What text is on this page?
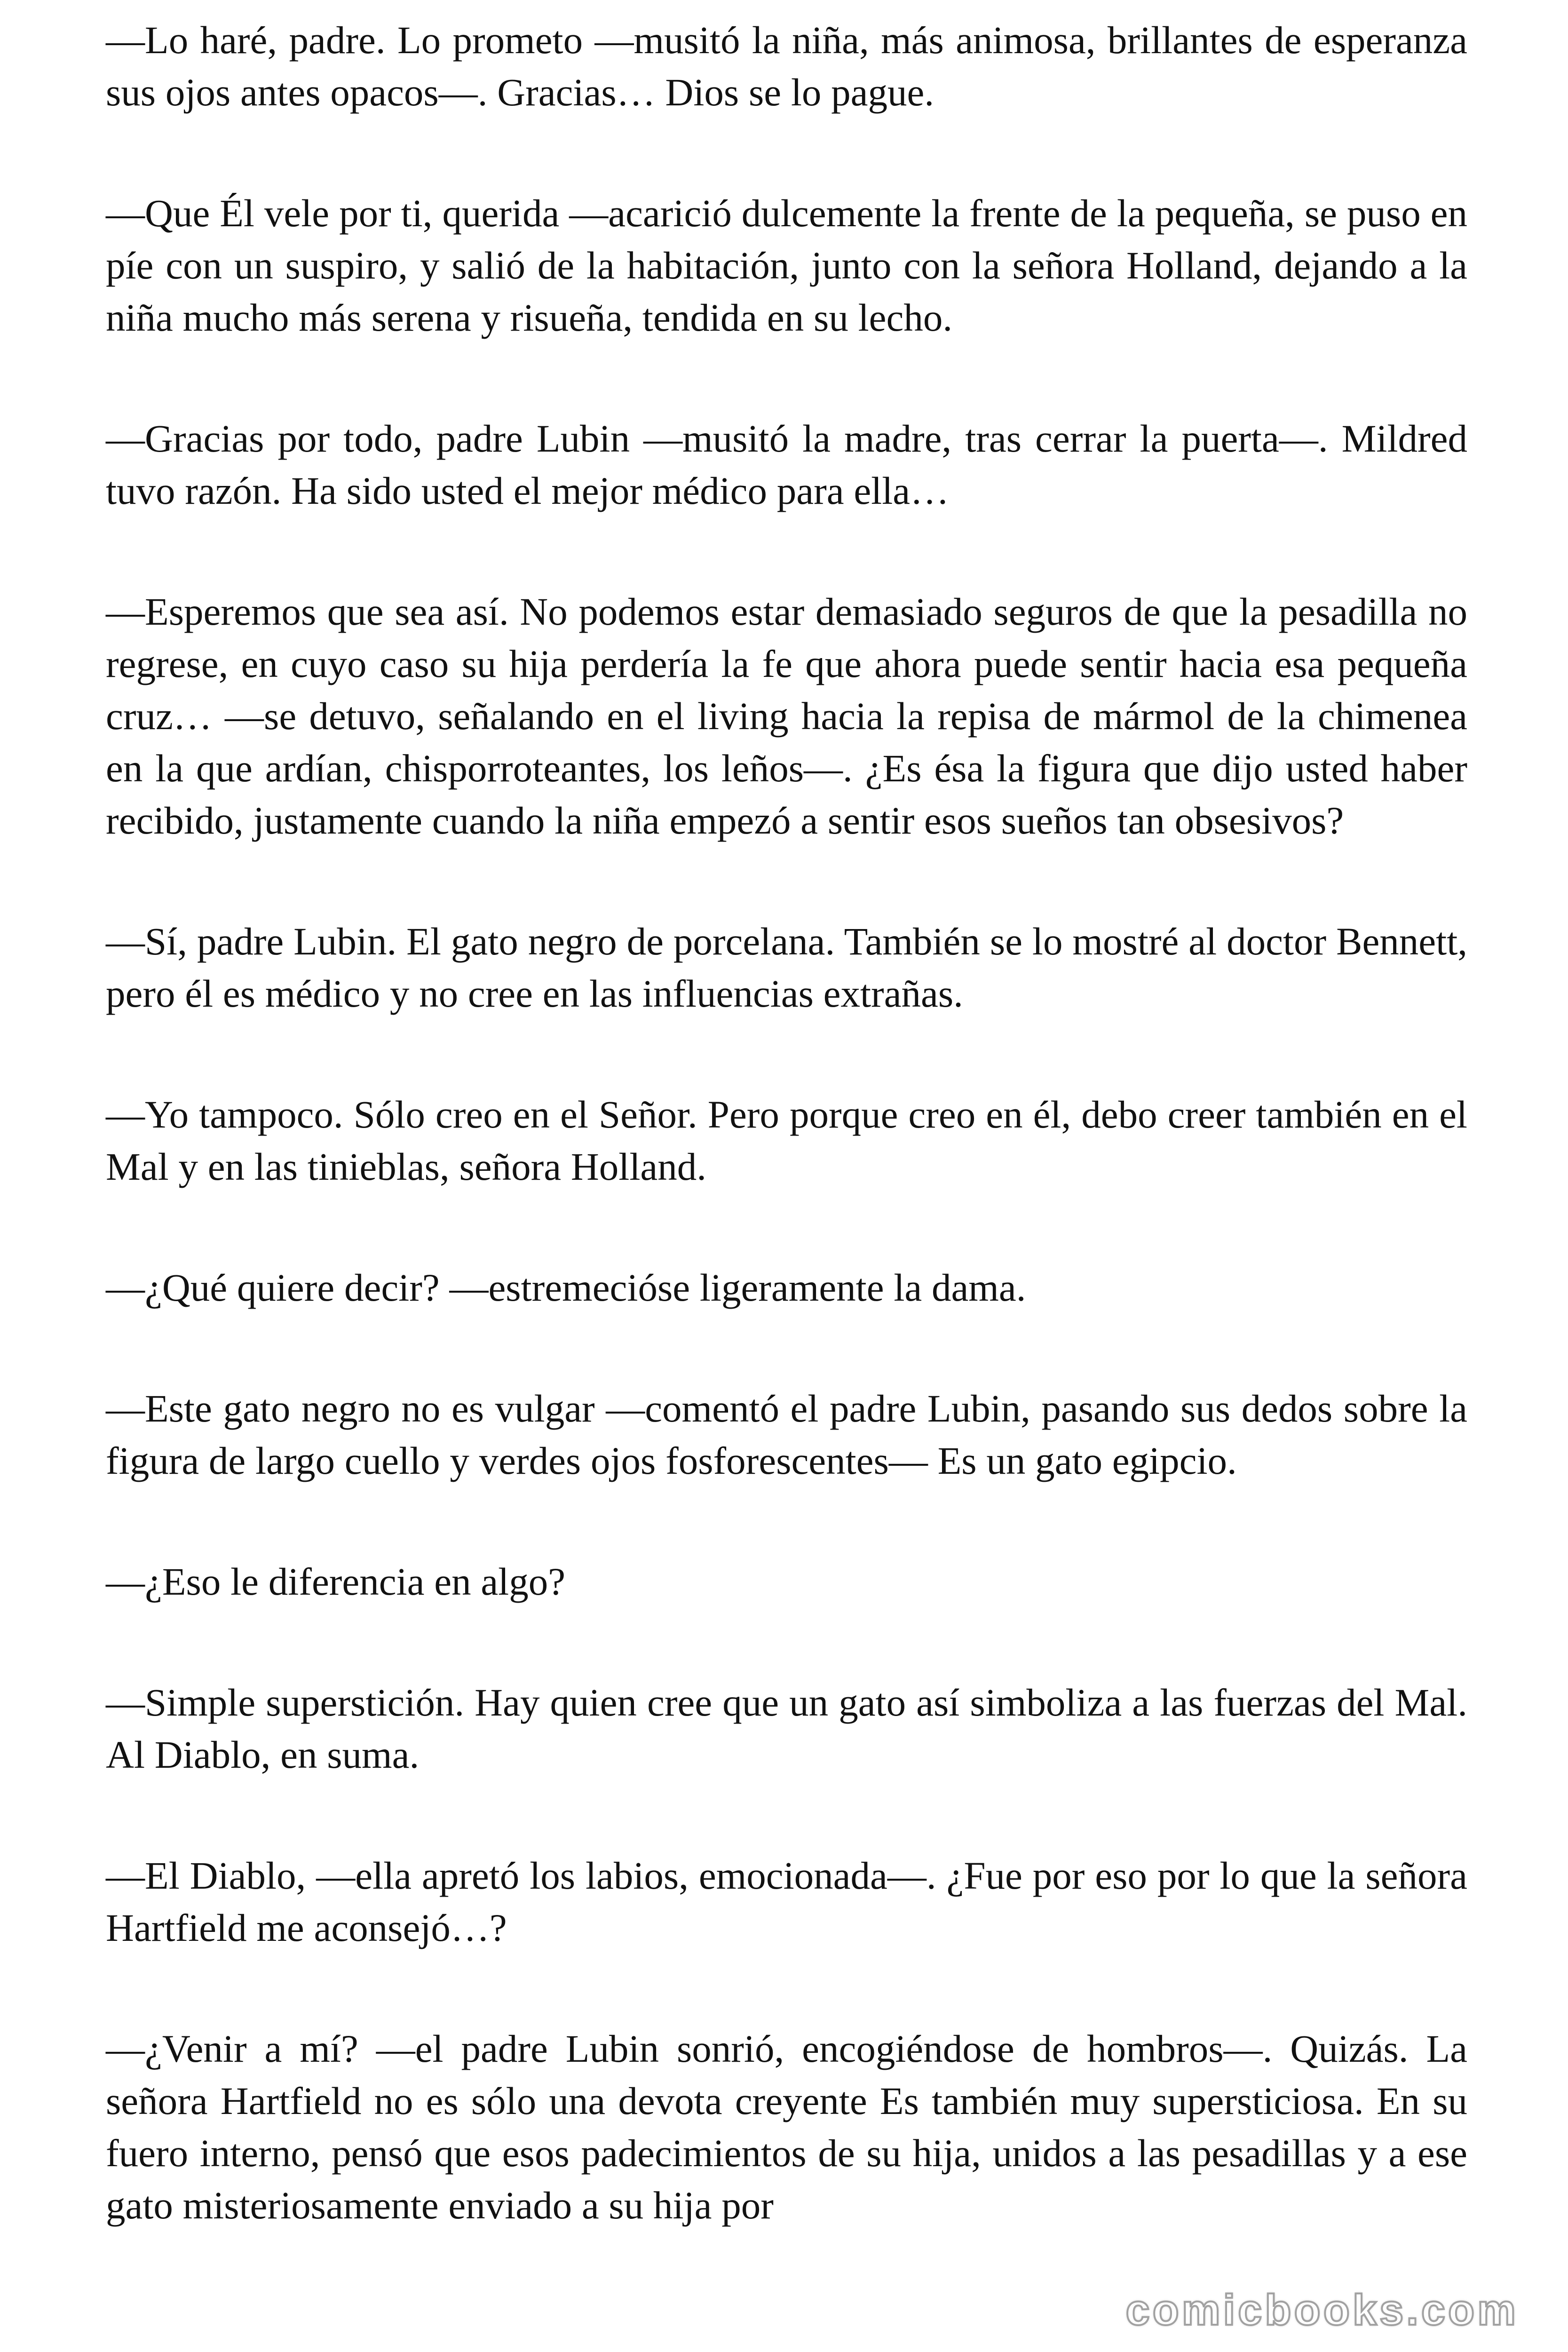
—Lo haré, padre. Lo prometo —musitó la niña, más animosa, brillantes de esperanza sus ojos antes opacos—. Gracias… Dios se lo pague.

—Que Él vele por ti, querida —acarició dulcemente la frente de la pequeña, se puso en píe con un suspiro, y salió de la habitación, junto con la señora Holland, dejando a la niña mucho más serena y risueña, tendida en su lecho.

—Gracias por todo, padre Lubin —musitó la madre, tras cerrar la puerta—. Mildred tuvo razón. Ha sido usted el mejor médico para ella…

—Esperemos que sea así. No podemos estar demasiado seguros de que la pesadilla no regrese, en cuyo caso su hija perdería la fe que ahora puede sentir hacia esa pequeña cruz… —se detuvo, señalando en el living hacia la repisa de mármol de la chimenea en la que ardían, chisporroteantes, los leños—. ¿Es ésa la figura que dijo usted haber recibido, justamente cuando la niña empezó a sentir esos sueños tan obsesivos?

—Sí, padre Lubin. El gato negro de porcelana. También se lo mostré al doctor Bennett, pero él es médico y no cree en las influencias extrañas.

—Yo tampoco. Sólo creo en el Señor. Pero porque creo en él, debo creer también en el Mal y en las tinieblas, señora Holland.

—¿Qué quiere decir? —estremecióse ligeramente la dama.

—Este gato negro no es vulgar —comentó el padre Lubin, pasando sus dedos sobre la figura de largo cuello y verdes ojos fosforescentes— Es un gato egipcio.

—¿Eso le diferencia en algo?

—Simple superstición. Hay quien cree que un gato así simboliza a las fuerzas del Mal. Al Diablo, en suma.

—El Diablo, —ella apretó los labios, emocionada—. ¿Fue por eso por lo que la señora Hartfield me aconsejó…?

—¿Venir a mí? —el padre Lubin sonrió, encogiéndose de hombros—. Quizás. La señora Hartfield no es sólo una devota creyente Es también muy supersticiosa. En su fuero interno, pensó que esos padecimientos de su hija, unidos a las pesadillas y a ese gato misteriosamente enviado a su hija por

comicbooks.com
